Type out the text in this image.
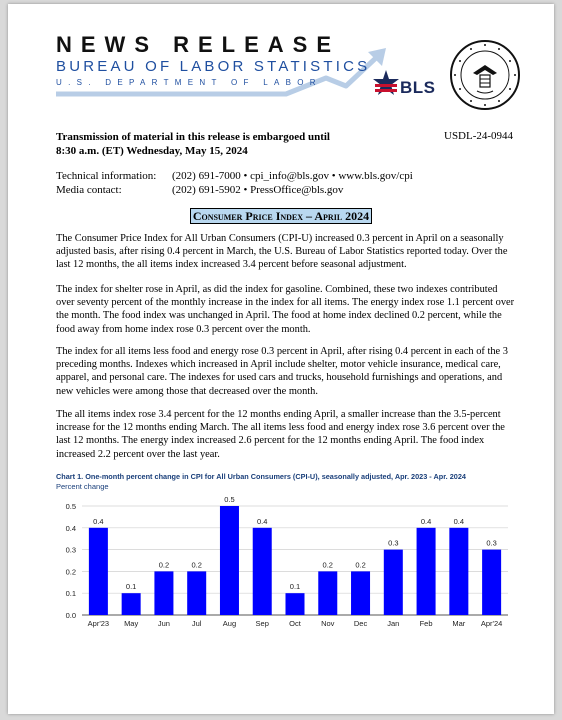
NEWS RELEASE
BUREAU OF LABOR STATISTICS
U.S. DEPARTMENT OF LABOR	BLS
Transmission of material in this release is embargoed until
8:30 a.m. (ET) Wednesday, May 15, 2024
USDL-24-0944
Technical information: (202) 691-7000 • cpi_info@bls.gov • www.bls.gov/cpi
Media contact:	(202) 691-5902 • PressOffice@bls.gov
Consumer Price Index – April 2024

The Consumer Price Index for All Urban Consumers (CPI-U) increased 0.3 percent in April on a seasonally adjusted basis, after rising 0.4 percent in March, the U.S. Bureau of Labor Statistics reported today. Over the last 12 months, the all items index increased 3.4 percent before seasonal adjustment.

The index for shelter rose in April, as did the index for gasoline. Combined, these two indexes contributed over seventy percent of the monthly increase in the index for all items. The energy index rose 1.1 percent over the month. The food index was unchanged in April. The food at home index declined 0.2 percent, while the food away from home index rose 0.3 percent over the month.

The index for all items less food and energy rose 0.3 percent in April, after rising 0.4 percent in each of the 3 preceding months. Indexes which increased in April include shelter, motor vehicle insurance, medical care, apparel, and personal care. The indexes for used cars and trucks, household furnishings and operations, and new vehicles were among those that decreased over the month.

The all items index rose 3.4 percent for the 12 months ending April, a smaller increase than the 3.5-percent increase for the 12 months ending March. The all items less food and energy index rose 3.6 percent over the last 12 months. The energy index increased 2.6 percent for the 12 months ending April. The food index increased 2.2 percent over the last year.

Chart 1. One-month percent change in CPI for All Urban Consumers (CPI-U), seasonally adjusted, Apr. 2023 - Apr. 2024
Percent change
0.0
0.1
0.2
0.3
0.4
0.5
0.4
Apr'23
0.1
May
0.2
Jun
0.2
Jul
0.5
Aug
0.4
Sep
0.1
Oct
0.2
Nov
0.2
Dec
0.3
Jan
0.4
Feb
0.4
Mar
0.3
Apr'24
